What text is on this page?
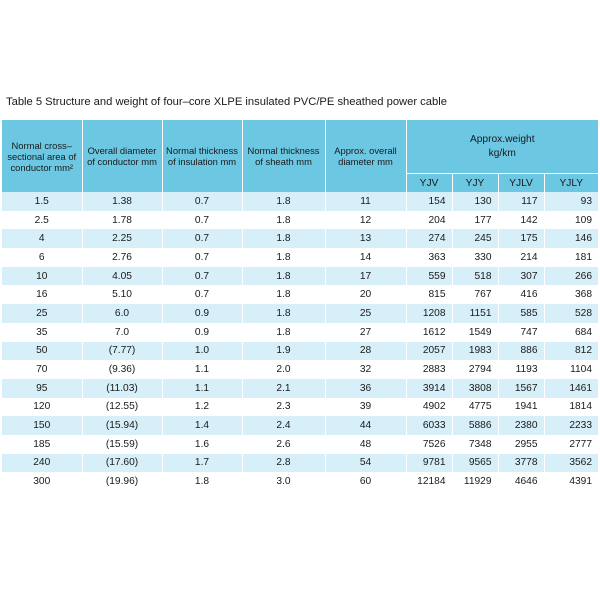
Table 5 Structure and weight of four–core XLPE insulated PVC/PE sheathed power cable
Normal cross– sectional area of conductor mm²	Overall diameter of conductor mm	Normal thickness of insulation mm	Normal thickness of sheath mm	Approx. overall diameter mm	Approx.weight
kg/km			

					YJV	YJY	YJLV	YJLY
1.5	1.38	0.7	1.8	11	154	130	117	93
2.5	1.78	0.7	1.8	12	204	177	142	109
4	2.25	0.7	1.8	13	274	245	175	146
6	2.76	0.7	1.8	14	363	330	214	181
10	4.05	0.7	1.8	17	559	518	307	266
16	5.10	0.7	1.8	20	815	767	416	368
25	6.0	0.9	1.8	25	1208	1151	585	528
35	7.0	0.9	1.8	27	1612	1549	747	684
50	(7.77)	1.0	1.9	28	2057	1983	886	812
70	(9.36)	1.1	2.0	32	2883	2794	1193	1104
95	(11.03)	1.1	2.1	36	3914	3808	1567	1461
120	(12.55)	1.2	2.3	39	4902	4775	1941	1814
150	(15.94)	1.4	2.4	44	6033	5886	2380	2233
185	(15.59)	1.6	2.6	48	7526	7348	2955	2777
240	(17.60)	1.7	2.8	54	9781	9565	3778	3562
300	(19.96)	1.8	3.0	60	12184	11929	4646	4391
